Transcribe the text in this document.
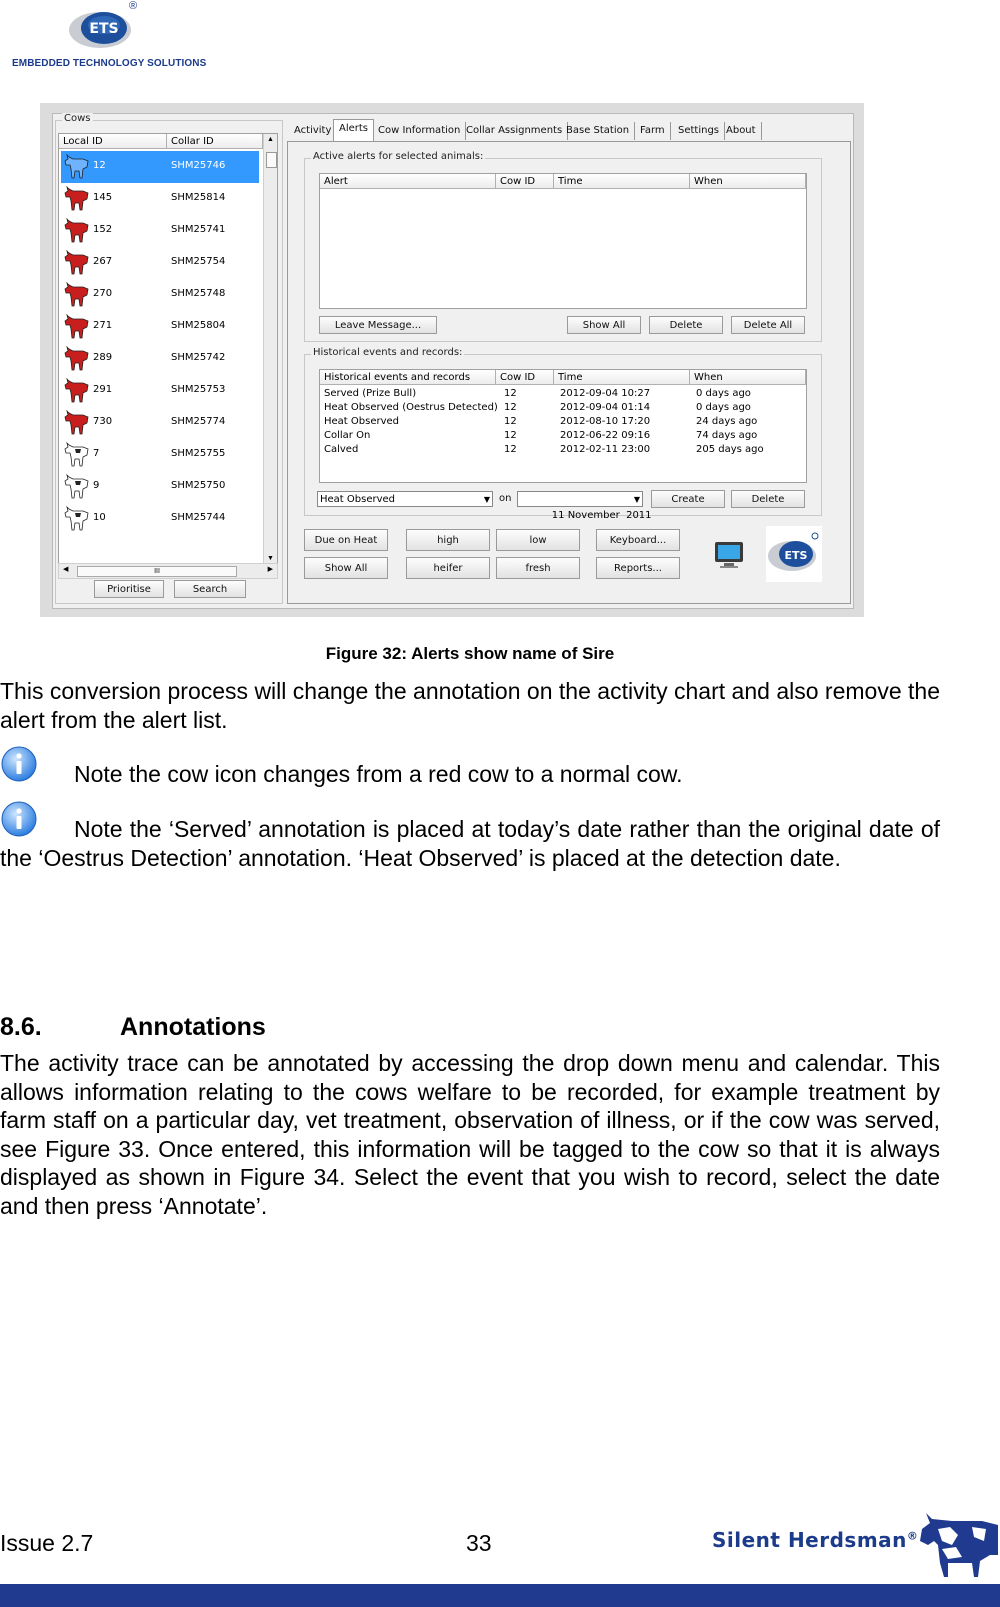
ETS
®
EMBEDDED TECHNOLOGY SOLUTIONS
Cows
Local ID	Collar ID	▲
▼
12	SHM25746
145	SHM25814
152	SHM25741
267	SHM25754
270	SHM25748
271	SHM25804
289	SHM25742
291	SHM25753
730	SHM25774
7	SHM25755
9	SHM25750
10	SHM25744
◀	III	▶
Prioritise	Search
Activity Alerts Cow Information Collar Assignments Base Station	Farm	Settings About
Active alerts for selected animals:
Alert	Cow ID	Time	When
Leave Message...	Show All	Delete	Delete All
Historical events and records:
Historical events and records	Cow ID	Time	When
Served (Prize Bull)	12	2012-09-04 10:27	0 days ago
Heat Observed (Oestrus Detected) 12	2012-09-04 01:14	0 days ago
Heat Observed	12	2012-08-10 17:20	24 days ago
Collar On	12	2012-06-22 09:16	74 days ago
Calved	12	2012-02-11 23:00	205 days ago
Heat Observed	▼ on

11 November  2011

▼

	Create	Delete
Due on Heat	high	low	Keyboard...
Show All	heifer	fresh	Reports...
ETS
Figure 32: Alerts show name of Sire
This conversion process will change the annotation on the activity chart and also remove the alert from the alert list.
Note the cow icon changes from a red cow to a normal cow.
Note the ‘Served’ annotation is placed at today’s date rather than the original date of the ‘Oestrus Detection’ annotation. ‘Heat Observed’ is placed at the detection date.
8.6.	Annotations
The activity trace can be annotated by accessing the drop down menu and calendar. This allows information relating to the cows welfare to be recorded, for example treatment by farm staff on a particular day, vet treatment, observation of illness, or if the cow was served, see Figure 33. Once entered, this information will be tagged to the cow so that it is always displayed as shown in Figure 34. Select the event that you wish to record, select the date and then press ‘Annotate’.
Issue 2.7	33	Silent Herdsman®
